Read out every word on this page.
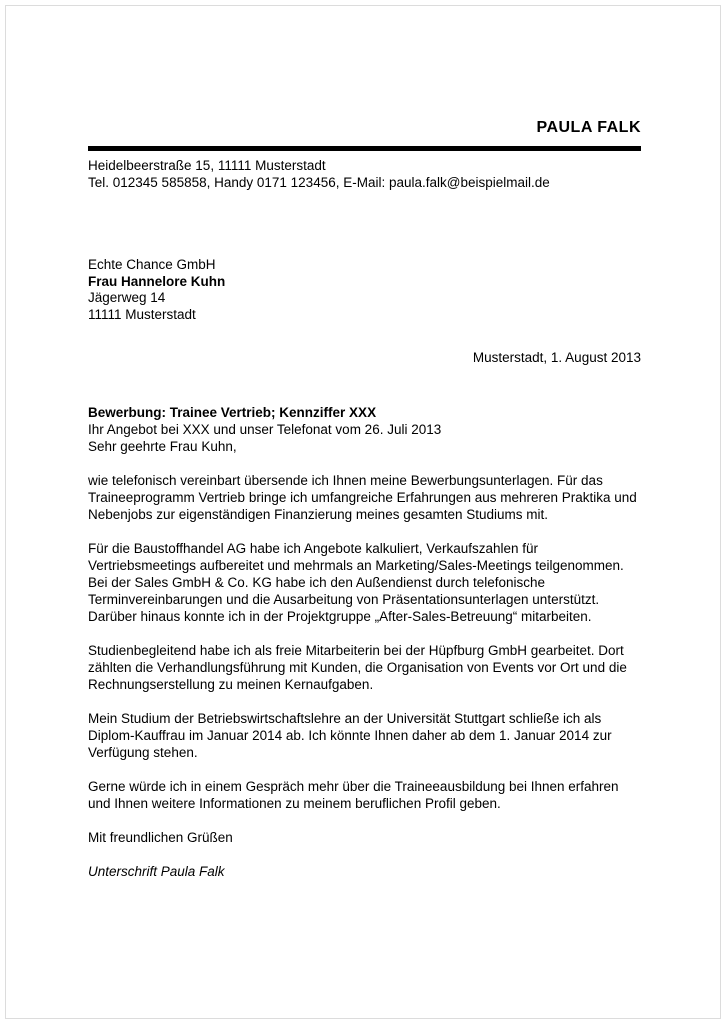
PAULA FALK
Heidelbeerstraße 15, 11111 Musterstadt
Tel. 012345 585858, Handy 0171 123456, E-Mail: paula.falk@beispielmail.de
Echte Chance GmbH
Frau Hannelore Kuhn
Jägerweg 14
11111 Musterstadt
Musterstadt, 1. August 2013
Bewerbung: Trainee Vertrieb; Kennziffer XXX
Ihr Angebot bei XXX und unser Telefonat vom 26. Juli 2013

Sehr geehrte Frau Kuhn,

wie telefonisch vereinbart übersende ich Ihnen meine Bewerbungsunterlagen. Für das Traineeprogramm Vertrieb bringe ich umfangreiche Erfahrungen aus mehreren Praktika und Nebenjobs zur eigenständigen Finanzierung meines gesamten Studiums mit.

Für die Baustoffhandel AG habe ich Angebote kalkuliert, Verkaufszahlen für Vertriebsmeetings aufbereitet und mehrmals an Marketing/Sales-Meetings teilgenommen. Bei der Sales GmbH & Co. KG habe ich den Außendienst durch telefonische Terminvereinbarungen und die Ausarbeitung von Präsentationsunterlagen unterstützt. Darüber hinaus konnte ich in der Projektgruppe „After-Sales-Betreuung“ mitarbeiten.

Studienbegleitend habe ich als freie Mitarbeiterin bei der Hüpfburg GmbH gearbeitet. Dort zählten die Verhandlungsführung mit Kunden, die Organisation von Events vor Ort und die Rechnungserstellung zu meinen Kernaufgaben.

Mein Studium der Betriebswirtschaftslehre an der Universität Stuttgart schließe ich als Diplom-Kauffrau im Januar 2014 ab. Ich könnte Ihnen daher ab dem 1. Januar 2014 zur Verfügung stehen.

Gerne würde ich in einem Gespräch mehr über die Traineeausbildung bei Ihnen erfahren und Ihnen weitere Informationen zu meinem beruflichen Profil geben.

Mit freundlichen Grüßen

Unterschrift Paula Falk
